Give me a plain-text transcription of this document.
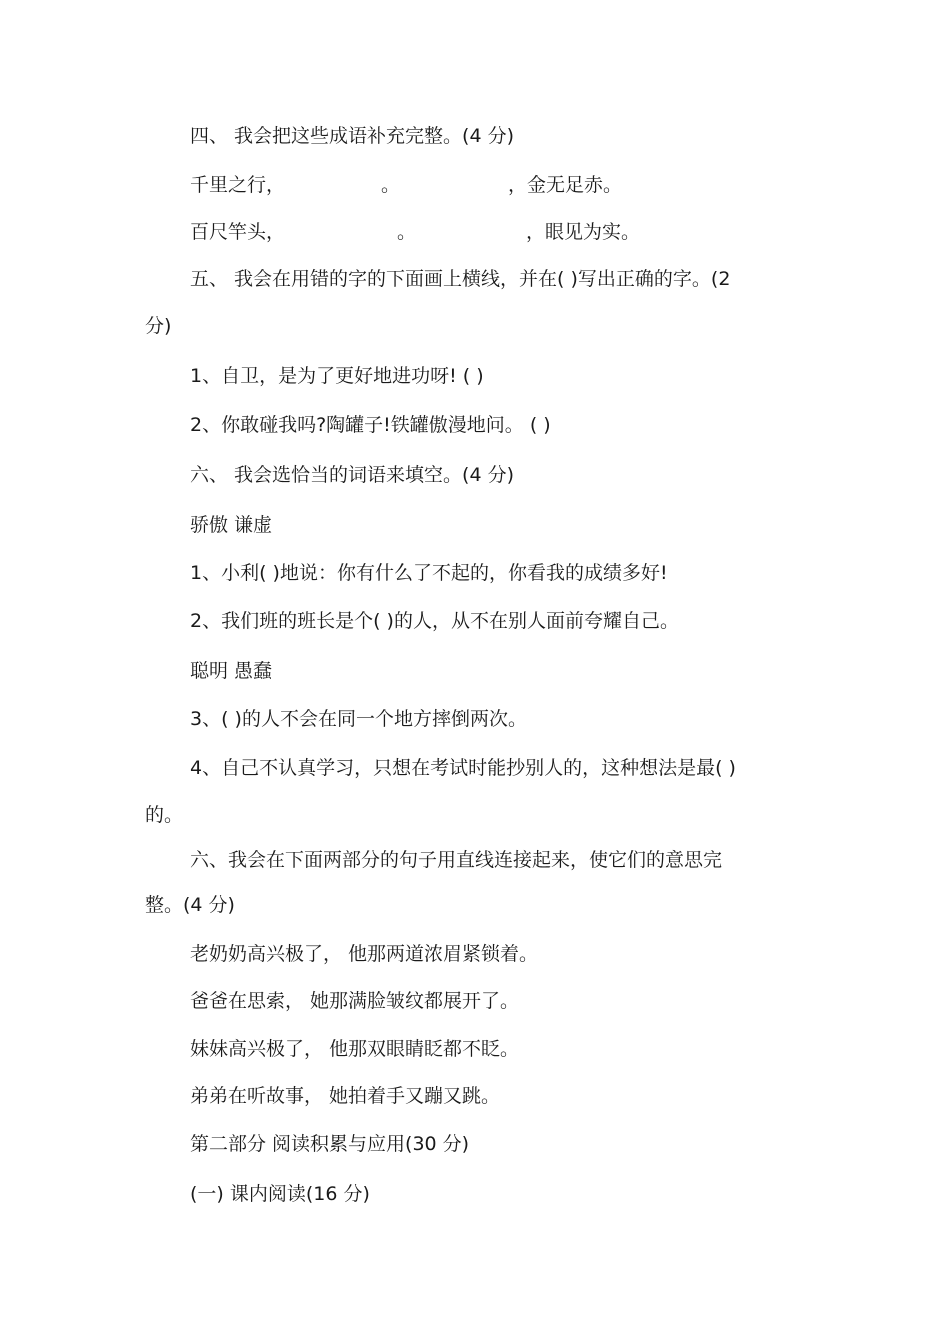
四、 我会把这些成语补充完整。(4 分)
千里之行，	。	，金无足赤。
百尺竿头，	。	，眼见为实。
五、 我会在用错的字的下面画上横线，并在( )写出正确的字。(2
分)
1、自卫，是为了更好地进功呀! ( )
2、你敢碰我吗?陶罐子!铁罐傲漫地问。 ( )
六、 我会选恰当的词语来填空。(4 分)
骄傲 谦虚
1、小利( )地说：你有什么了不起的，你看我的成绩多好!
2、我们班的班长是个( )的人，从不在别人面前夸耀自己。
聪明 愚蠢
3、( )的人不会在同一个地方摔倒两次。
4、自己不认真学习，只想在考试时能抄别人的，这种想法是最( )
的。
六、我会在下面两部分的句子用直线连接起来，使它们的意思完
整。(4 分)
老奶奶高兴极了， 他那两道浓眉紧锁着。
爸爸在思索， 她那满脸皱纹都展开了。
妹妹高兴极了， 他那双眼睛眨都不眨。
弟弟在听故事， 她拍着手又蹦又跳。
第二部分 阅读积累与应用(30 分)
(一) 课内阅读(16 分)
